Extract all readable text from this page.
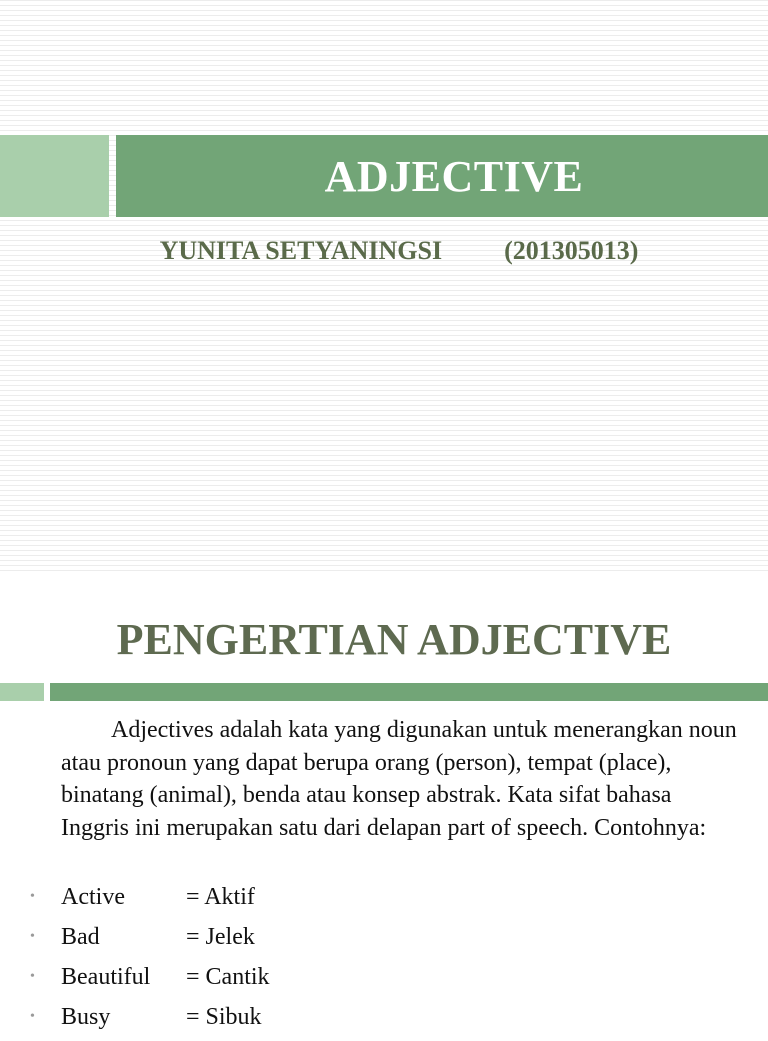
ADJECTIVE
YUNITA SETYANINGSI (201305013)
PENGERTIAN ADJECTIVE

Adjectives adalah kata yang digunakan untuk menerangkan noun atau pronoun yang dapat berupa orang (person), tempat (place), binatang (animal), benda atau konsep abstrak. Kata sifat bahasa Inggris ini merupakan satu dari delapan part of speech. Contohnya:

• Active	= Aktif
• Bad	= Jelek
• Beautiful = Cantik
• Busy	= Sibuk
